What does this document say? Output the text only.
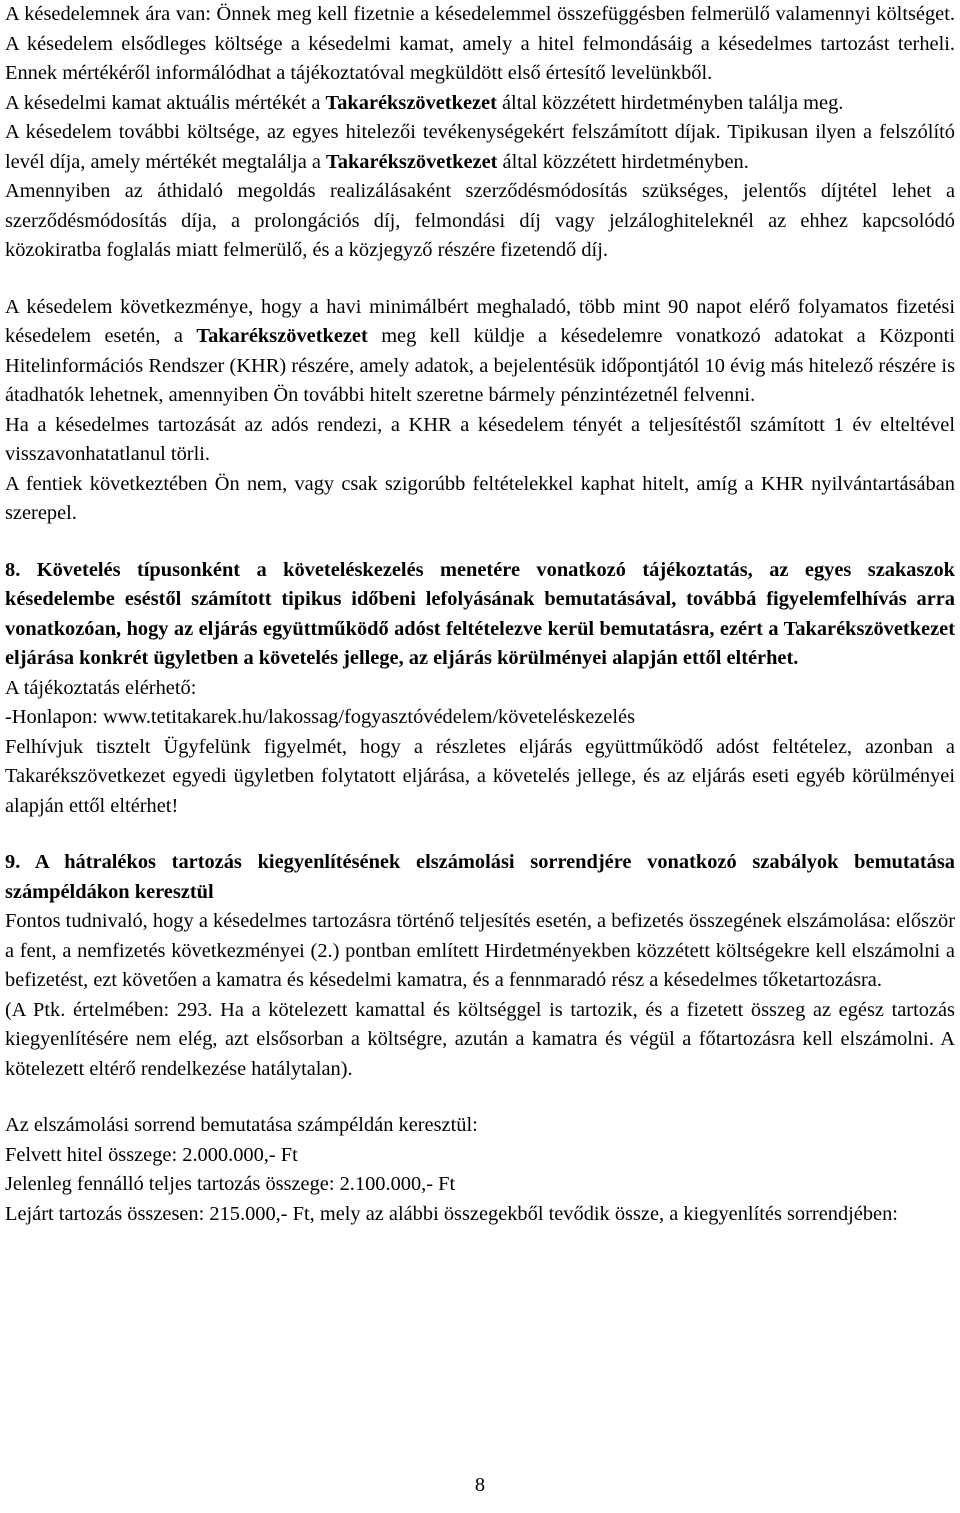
A késedelemnek ára van: Önnek meg kell fizetnie a késedelemmel összefüggésben felmerülő valamennyi költséget. A késedelem elsődleges költsége a késedelmi kamat, amely a hitel felmondásáig a késedelmes tartozást terheli. Ennek mértékéről informálódhat a tájékoztatóval megküldött első értesítő levelünkből.

A késedelmi kamat aktuális mértékét a Takarékszövetkezet által közzétett hirdetményben találja meg.

A késedelem további költsége, az egyes hitelezői tevékenységekért felszámított díjak. Tipikusan ilyen a felszólító levél díja, amely mértékét megtalálja a Takarékszövetkezet által közzétett hirdetményben.

Amennyiben az áthidaló megoldás realizálásaként szerződésmódosítás szükséges, jelentős díjtétel lehet a szerződésmódosítás díja, a prolongációs díj, felmondási díj vagy jelzáloghiteleknél az ehhez kapcsolódó közokiratba foglalás miatt felmerülő, és a közjegyző részére fizetendő díj.

A késedelem következménye, hogy a havi minimálbért meghaladó, több mint 90 napot elérő folyamatos fizetési késedelem esetén, a Takarékszövetkezet meg kell küldje a késedelemre vonatkozó adatokat a Központi Hitelinformációs Rendszer (KHR) részére, amely adatok, a bejelentésük időpontjától 10 évig más hitelező részére is átadhatók lehetnek, amennyiben Ön további hitelt szeretne bármely pénzintézetnél felvenni.

Ha a késedelmes tartozását az adós rendezi, a KHR a késedelem tényét a teljesítéstől számított 1 év elteltével visszavonhatatlanul törli.

A fentiek következtében Ön nem, vagy csak szigorúbb feltételekkel kaphat hitelt, amíg a KHR nyilvántartásában szerepel.

8. Követelés típusonként a követeléskezelés menetére vonatkozó tájékoztatás, az egyes szakaszok késedelembe eséstől számított tipikus időbeni lefolyásának bemutatásával, továbbá figyelemfelhívás arra vonatkozóan, hogy az eljárás együttműködő adóst feltételezve kerül bemutatásra, ezért a Takarékszövetkezet eljárása konkrét ügyletben a követelés jellege, az eljárás körülményei alapján ettől eltérhet.

A tájékoztatás elérhető:

-Honlapon: www.tetitakarek.hu/lakossag/fogyasztóvédelem/követeléskezelés

Felhívjuk tisztelt Ügyfelünk figyelmét, hogy a részletes eljárás együttműködő adóst feltételez, azonban a Takarékszövetkezet egyedi ügyletben folytatott eljárása, a követelés jellege, és az eljárás eseti egyéb körülményei alapján ettől eltérhet!

9. A hátralékos tartozás kiegyenlítésének elszámolási sorrendjére vonatkozó szabályok bemutatása számpéldákon keresztül

Fontos tudnivaló, hogy a késedelmes tartozásra történő teljesítés esetén, a befizetés összegének elszámolása: először a fent, a nemfizetés következményei (2.) pontban említett Hirdetményekben közzétett költségekre kell elszámolni a befizetést, ezt követően a kamatra és késedelmi kamatra, és a fennmaradó rész a késedelmes tőketartozásra.

(A Ptk. értelmében: 293. Ha a kötelezett kamattal és költséggel is tartozik, és a fizetett összeg az egész tartozás kiegyenlítésére nem elég, azt elsősorban a költségre, azután a kamatra és végül a főtartozásra kell elszámolni. A kötelezett eltérő rendelkezése hatálytalan).

Az elszámolási sorrend bemutatása számpéldán keresztül:

Felvett hitel összege: 2.000.000,- Ft

Jelenleg fennálló teljes tartozás összege: 2.100.000,- Ft

Lejárt tartozás összesen: 215.000,- Ft, mely az alábbi összegekből tevődik össze, a kiegyenlítés sorrendjében:

8
